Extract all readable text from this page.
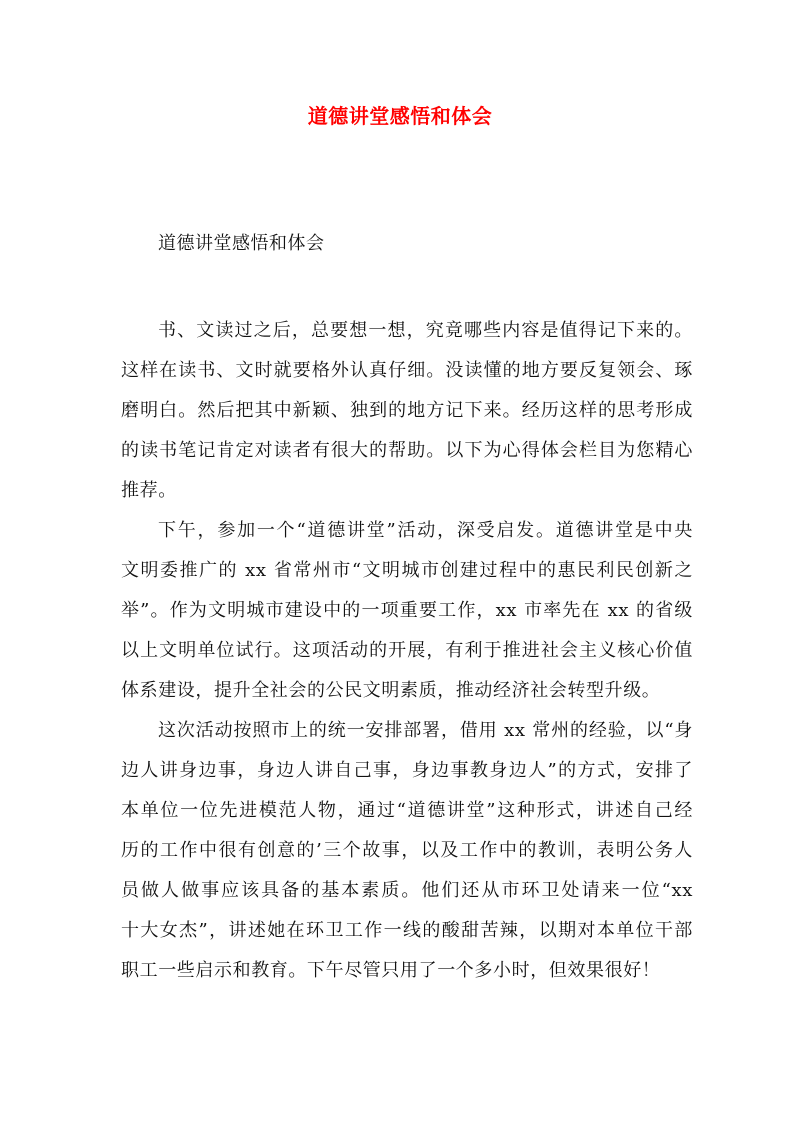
道德讲堂感悟和体会
道德讲堂感悟和体会
书、文读过之后，总要想一想，究竟哪些内容是值得记下来的。
这样在读书、文时就要格外认真仔细。没读懂的地方要反复领会、琢
磨明白。然后把其中新颖、独到的地方记下来。经历这样的思考形成
的读书笔记肯定对读者有很大的帮助。以下为心得体会栏目为您精心
推荐。
下午，参加一个“道德讲堂”活动，深受启发。道德讲堂是中央
文明委推广的 xx 省常州市“文明城市创建过程中的惠民利民创新之
举”。作为文明城市建设中的一项重要工作，xx 市率先在 xx 的省级
以上文明单位试行。这项活动的开展，有利于推进社会主义核心价值
体系建设，提升全社会的公民文明素质，推动经济社会转型升级。
这次活动按照市上的统一安排部署，借用 xx 常州的经验，以“身
边人讲身边事，身边人讲自己事，身边事教身边人”的方式，安排了
本单位一位先进模范人物，通过“道德讲堂”这种形式，讲述自己经
历的工作中很有创意的’三个故事，以及工作中的教训，表明公务人
员做人做事应该具备的基本素质。他们还从市环卫处请来一位“xx
十大女杰”，讲述她在环卫工作一线的酸甜苦辣，以期对本单位干部
职工一些启示和教育。下午尽管只用了一个多小时，但效果很好！
